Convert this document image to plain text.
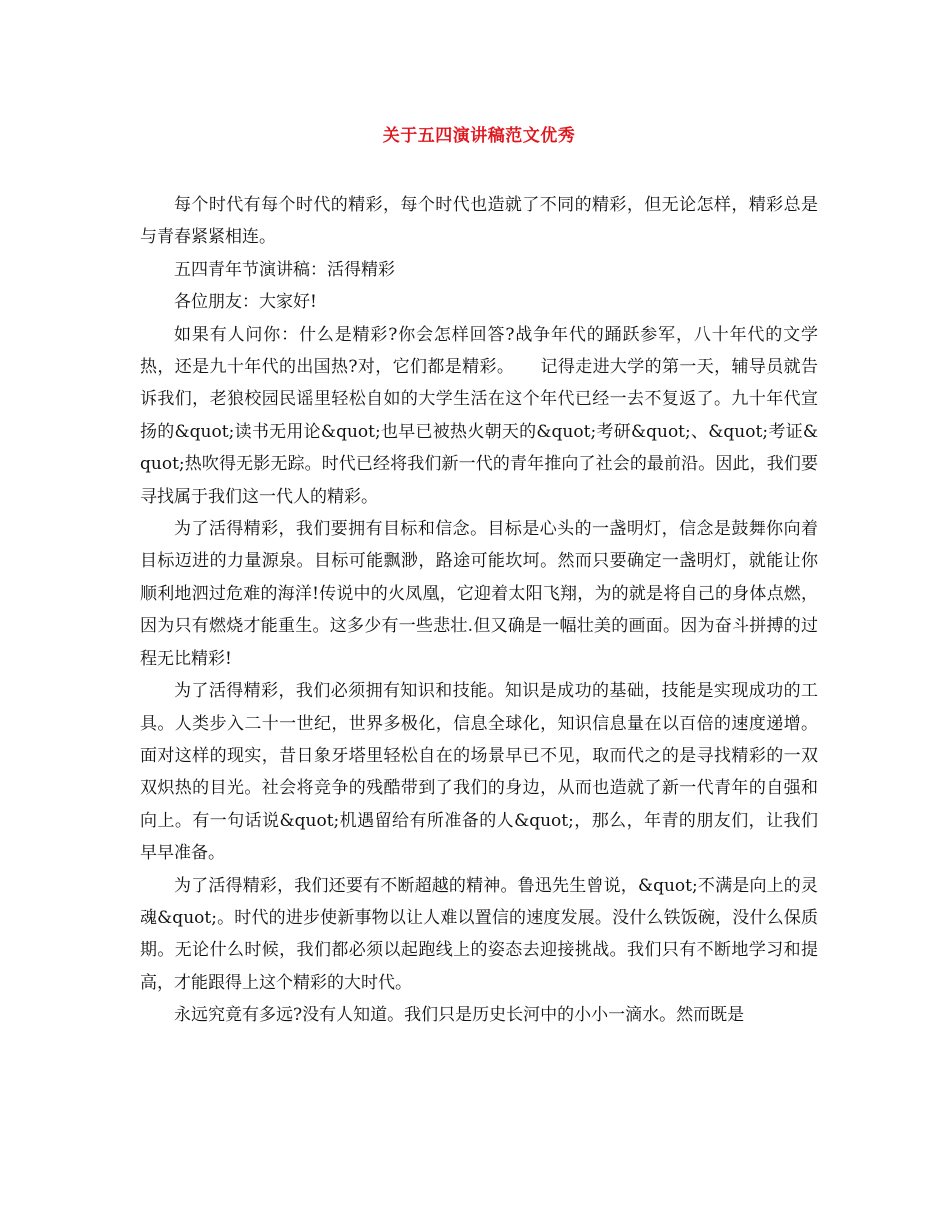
关于五四演讲稿范文优秀

每个时代有每个时代的精彩，每个时代也造就了不同的精彩，但无论怎样，精彩总是与青春紧紧相连。

五四青年节演讲稿：活得精彩

各位朋友：大家好!

如果有人问你：什么是精彩?你会怎样回答?战争年代的踊跃参军，八十年代的文学热，还是九十年代的出国热?对，它们都是精彩。　　记得走进大学的第一天，辅导员就告诉我们，老狼校园民谣里轻松自如的大学生活在这个年代已经一去不复返了。九十年代宣扬的&quot;读书无用论&quot;也早已被热火朝天的&quot;考研&quot;、&quot;考证&quot;热吹得无影无踪。时代已经将我们新一代的青年推向了社会的最前沿。因此，我们要寻找属于我们这一代人的精彩。

为了活得精彩，我们要拥有目标和信念。目标是心头的一盏明灯，信念是鼓舞你向着目标迈进的力量源泉。目标可能飘渺，路途可能坎坷。然而只要确定一盏明灯，就能让你顺利地泗过危难的海洋!传说中的火凤凰，它迎着太阳飞翔，为的就是将自己的身体点燃，因为只有燃烧才能重生。这多少有一些悲壮.但又确是一幅壮美的画面。因为奋斗拼搏的过程无比精彩!

为了活得精彩，我们必须拥有知识和技能。知识是成功的基础，技能是实现成功的工具。人类步入二十一世纪，世界多极化，信息全球化，知识信息量在以百倍的速度递增。面对这样的现实，昔日象牙塔里轻松自在的场景早已不见，取而代之的是寻找精彩的一双双炽热的目光。社会将竞争的残酷带到了我们的身边，从而也造就了新一代青年的自强和向上。有一句话说&quot;机遇留给有所准备的人&quot;，那么，年青的朋友们，让我们早早准备。

为了活得精彩，我们还要有不断超越的精神。鲁迅先生曾说，&quot;不满是向上的灵魂&quot;。时代的进步使新事物以让人难以置信的速度发展。没什么铁饭碗，没什么保质期。无论什么时候，我们都必须以起跑线上的姿态去迎接挑战。我们只有不断地学习和提高，才能跟得上这个精彩的大时代。

永远究竟有多远?没有人知道。我们只是历史长河中的小小一滴水。然而既是
